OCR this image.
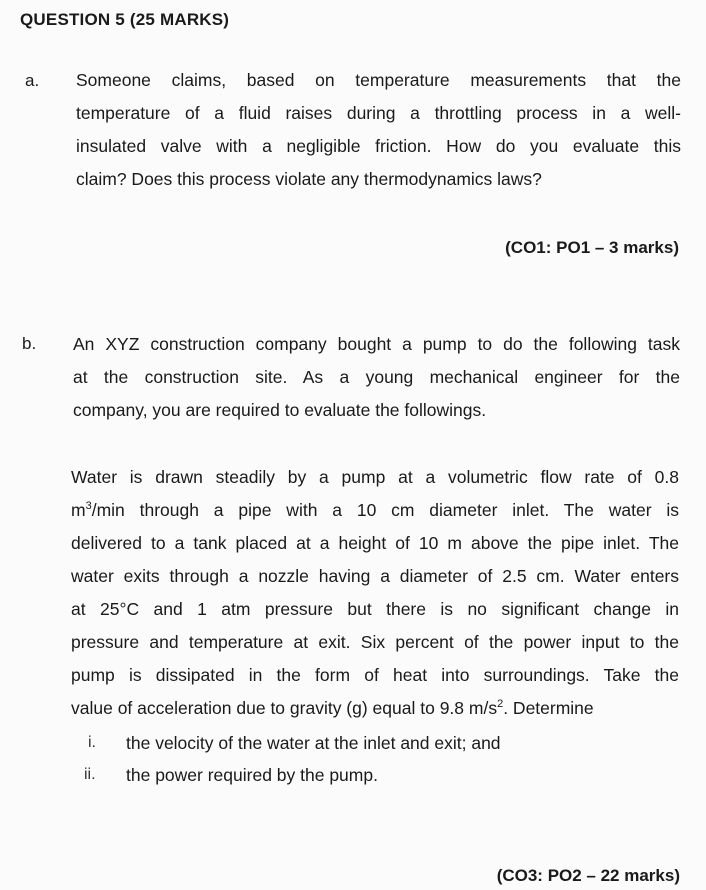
QUESTION 5 (25 MARKS)
a. Someone claims, based on temperature measurements that the
temperature of a fluid raises during a throttling process in a well-
insulated valve with a negligible friction. How do you evaluate this
claim? Does this process violate any thermodynamics laws?
(CO1: PO1 – 3 marks)
b. An XYZ construction company bought a pump to do the following task
at the construction site. As a young mechanical engineer for the
company, you are required to evaluate the followings.
Water is drawn steadily by a pump at a volumetric flow rate of 0.8
$m^3/\min$ through a pipe with a 10 cm diameter inlet. The water is
delivered to a tank placed at a height of 10 m above the pipe inlet. The
water exits through a nozzle having a diameter of 2.5 cm. Water enters
at 25°C and 1 atm pressure but there is no significant change in
pressure and temperature at exit. Six percent of the power input to the
pump is dissipated in the form of heat into surroundings. Take the
value of acceleration due to gravity (g) equal to 9.8 $m/s^2$. Determine
i. the velocity of the water at the inlet and exit; and
ii. the power required by the pump.
(CO3: PO2 – 22 marks)
